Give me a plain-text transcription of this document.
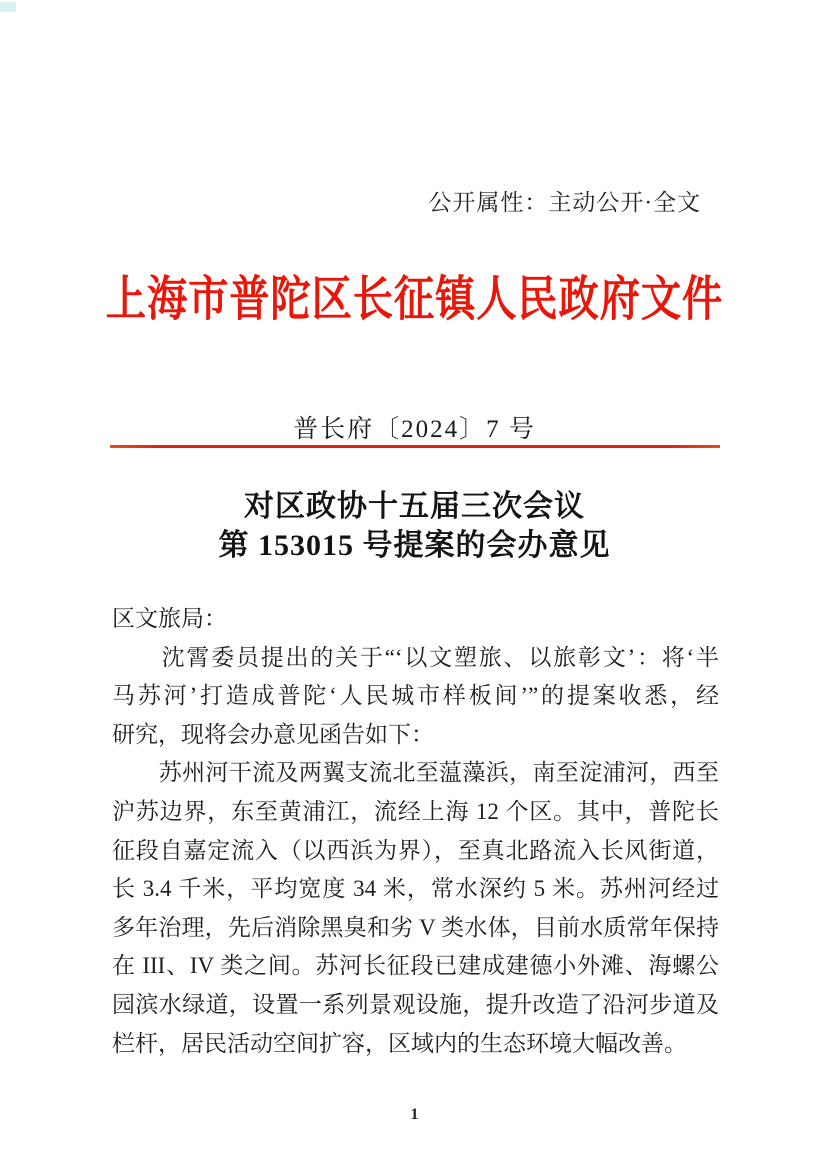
公开属性：主动公开·全文
上海市普陀区长征镇人民政府文件
普长府〔2024〕7 号
对区政协十五届三次会议
第 153015 号提案的会办意见
区文旅局：
　　沈霄委员提出的关于“‘以文塑旅、以旅彰文’：将‘半
马苏河’打造成普陀‘人民城市样板间’”的提案收悉，经
研究，现将会办意见函告如下：
　　苏州河干流及两翼支流北至蕰藻浜，南至淀浦河，西至
沪苏边界，东至黄浦江，流经上海 12 个区。其中，普陀长
征段自嘉定流入（以西浜为界），至真北路流入长风街道，
长 3.4 千米，平均宽度 34 米，常水深约 5 米。苏州河经过
多年治理，先后消除黑臭和劣 V 类水体，目前水质常年保持
在 III、IV 类之间。苏河长征段已建成建德小外滩、海螺公
园滨水绿道，设置一系列景观设施，提升改造了沿河步道及
栏杆，居民活动空间扩容，区域内的生态环境大幅改善。
1
